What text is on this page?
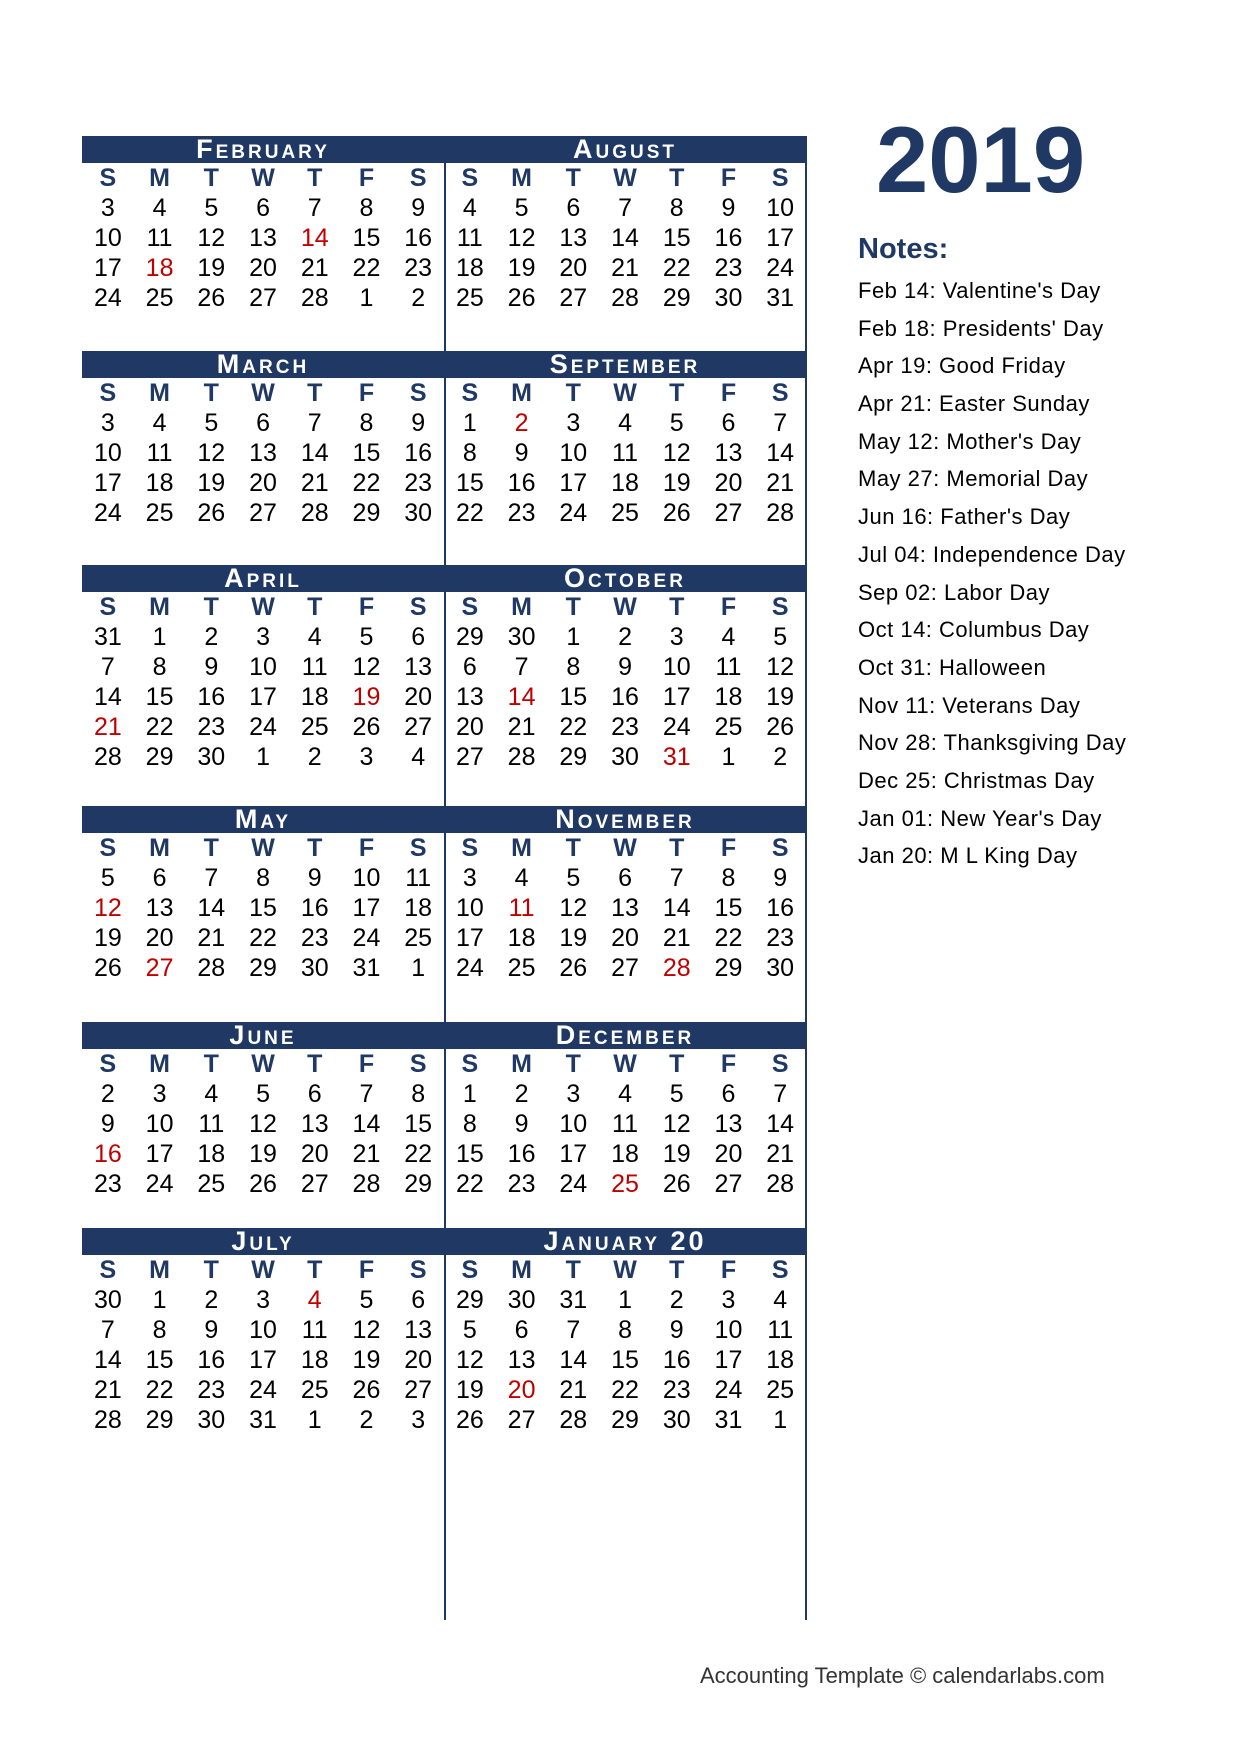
February
S	M	T	W	T	F	S
3	4	5	6	7	8	9
10 11 12 13 14 15 16
17 18 19 20 21 22 23
24 25 26 27 28	1	2
March
S	M	T	W	T	F	S
3	4	5	6	7	8	9
10 11 12 13 14 15 16
17 18 19 20 21 22 23
24 25 26 27 28 29 30
April
S	M	T	W	T	F	S
31	1	2	3	4	5	6
7	8	9	10 11 12 13
14 15 16 17 18 19 20
21 22 23 24 25 26 27
28 29 30	1	2	3	4
May
S	M	T	W	T	F	S
5	6	7	8	9	10 11
12 13 14 15 16 17 18
19 20 21 22 23 24 25
26 27 28 29 30 31	1
June
S	M	T	W	T	F	S
2	3	4	5	6	7	8
9	10 11 12 13 14 15
16 17 18 19 20 21 22
23 24 25 26 27 28 29
July
S	M	T	W	T	F	S
30	1	2	3	4	5	6
7	8	9	10 11 12 13
14 15 16 17 18 19 20
21 22 23 24 25 26 27
28 29 30 31	1	2	3
August
S	M	T	W	T	F	S
4	5	6	7	8	9	10
11 12 13 14 15 16 17
18 19 20 21 22 23 24
25 26 27 28 29 30 31
September
S	M	T	W	T	F	S
1	2	3	4	5	6	7
8	9	10 11 12 13 14
15 16 17 18 19 20 21
22 23 24 25 26 27 28
October
S	M	T	W	T	F	S
29 30	1	2	3	4	5
6	7	8	9	10 11 12
13 14 15 16 17 18 19
20 21 22 23 24 25 26
27 28 29 30 31	1	2
November
S	M	T	W	T	F	S
3	4	5	6	7	8	9
10 11 12 13 14 15 16
17 18 19 20 21 22 23
24 25 26 27 28 29 30
December
S	M	T	W	T	F	S
1	2	3	4	5	6	7
8	9	10 11 12 13 14
15 16 17 18 19 20 21
22 23 24 25 26 27 28
January 20
S	M	T	W	T	F	S
29 30 31	1	2	3	4
5	6	7	8	9	10 11
12 13 14 15 16 17 18
19 20 21 22 23 24 25
26 27 28 29 30 31	1
2019
Notes:
Feb 14: Valentine's Day
Feb 18: Presidents' Day
Apr 19: Good Friday
Apr 21: Easter Sunday
May 12: Mother's Day
May 27: Memorial Day
Jun 16: Father's Day
Jul 04: Independence Day
Sep 02: Labor Day
Oct 14: Columbus Day
Oct 31: Halloween
Nov 11: Veterans Day
Nov 28: Thanksgiving Day
Dec 25: Christmas Day
Jan 01: New Year's Day
Jan 20: M L King Day
Accounting Template © calendarlabs.com
